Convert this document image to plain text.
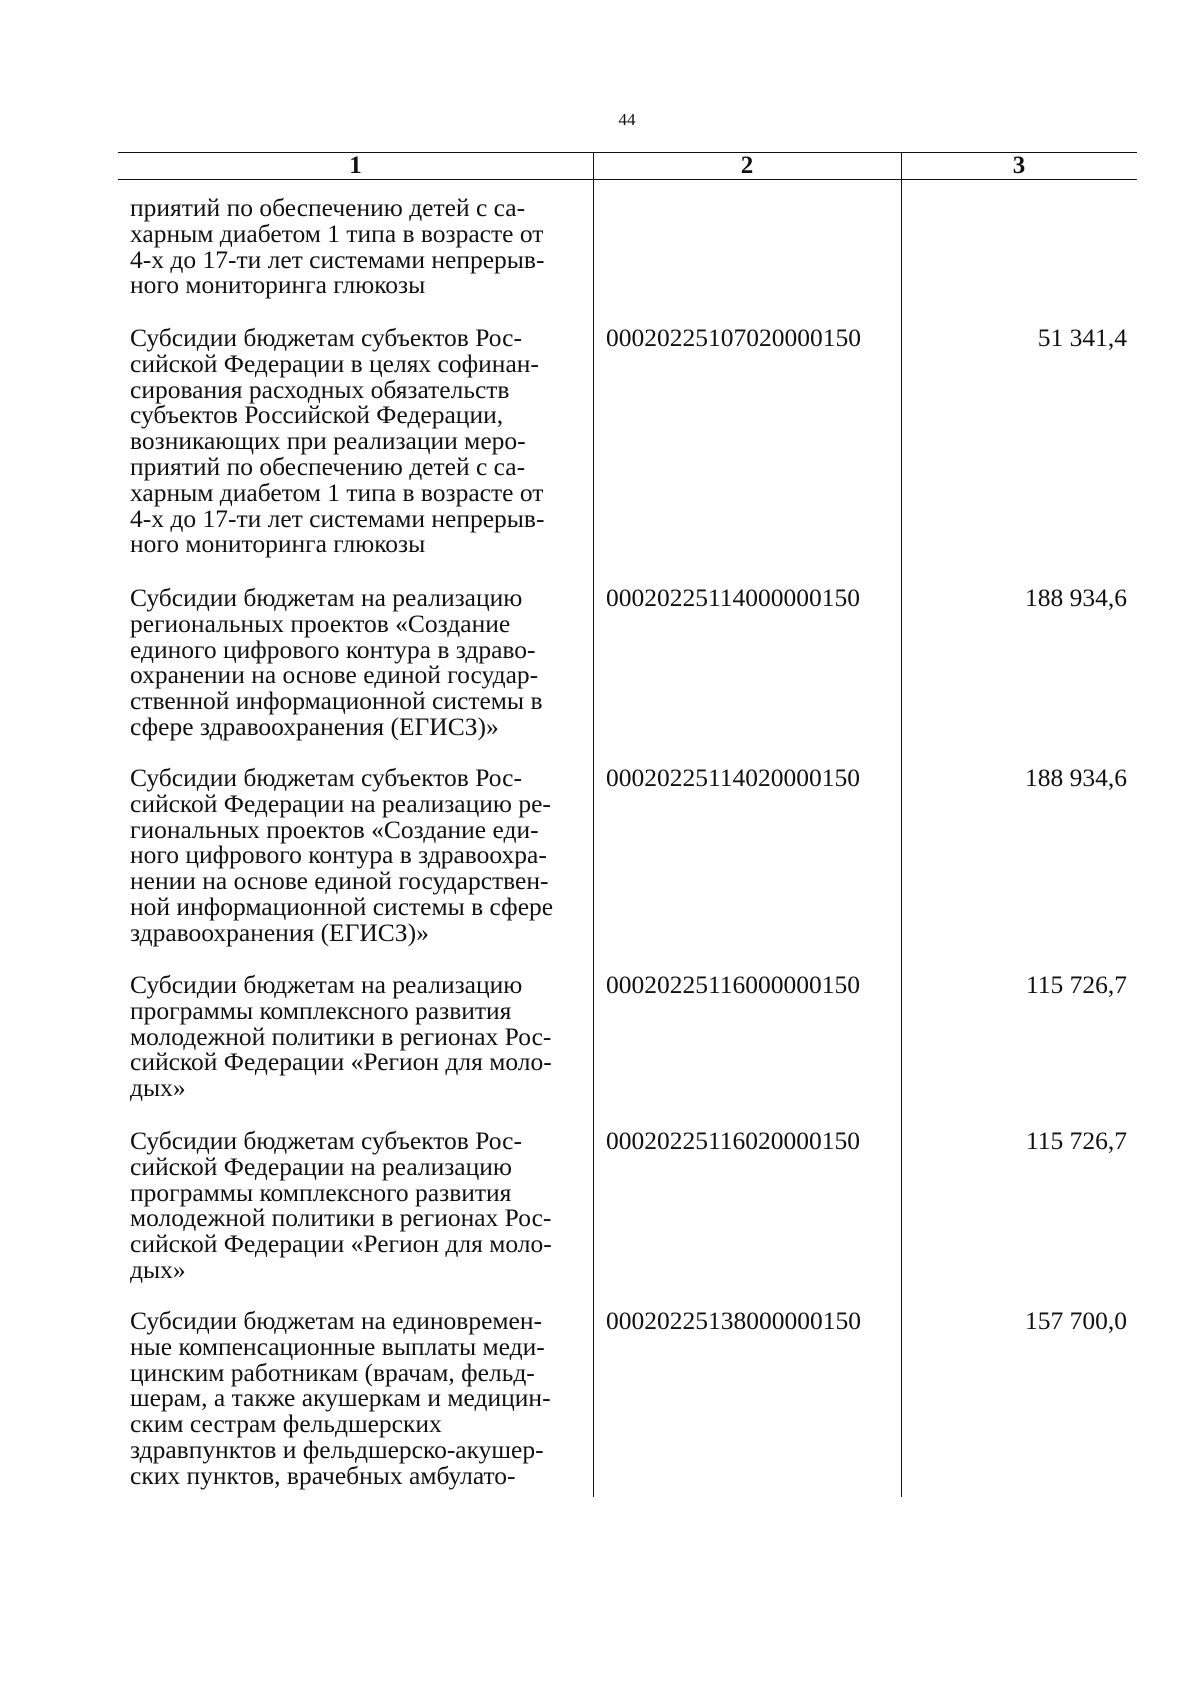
44
1	2	3
приятий по обеспечению детей с са-
харным диабетом 1 типа в возрасте от
4-х до 17-ти лет системами непрерыв-
ного мониторинга глюкозы
Субсидии бюджетам субъектов Рос-
сийской Федерации в целях софинан-
сирования расходных обязательств
субъектов Российской Федерации,
возникающих при реализации меро-
приятий по обеспечению детей с са-
харным диабетом 1 типа в возрасте от
4-х до 17-ти лет системами непрерыв-
ного мониторинга глюкозы
00020225107020000150	51 341,4
Субсидии бюджетам на реализацию
региональных проектов «Создание
единого цифрового контура в здраво-
охранении на основе единой государ-
ственной информационной системы в
сфере здравоохранения (ЕГИСЗ)»
00020225114000000150	188 934,6
Субсидии бюджетам субъектов Рос-
сийской Федерации на реализацию ре-
гиональных проектов «Создание еди-
ного цифрового контура в здравоохра-
нении на основе единой государствен-
ной информационной системы в сфере
здравоохранения (ЕГИСЗ)»
00020225114020000150	188 934,6
Субсидии бюджетам на реализацию
программы комплексного развития
молодежной политики в регионах Рос-
сийской Федерации «Регион для моло-
дых»
00020225116000000150	115 726,7
Субсидии бюджетам субъектов Рос-
сийской Федерации на реализацию
программы комплексного развития
молодежной политики в регионах Рос-
сийской Федерации «Регион для моло-
дых»
00020225116020000150	115 726,7
Субсидии бюджетам на единовремен-
ные компенсационные выплаты меди-
цинским работникам (врачам, фельд-
шерам, а также акушеркам и медицин-
ским сестрам фельдшерских
здравпунктов и фельдшерско-акушер-
ских пунктов, врачебных амбулато-
00020225138000000150	157 700,0
